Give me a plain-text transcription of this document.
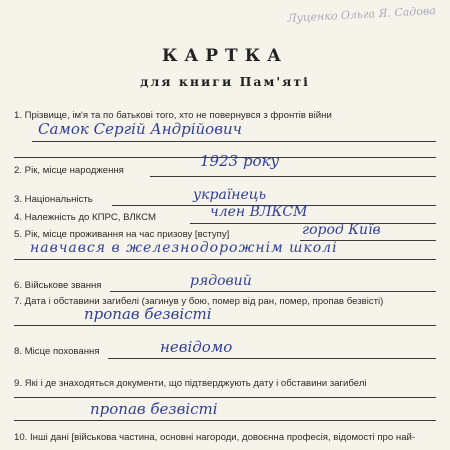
Луценко Ольга Я. Садова
КАРТКА
для книги Пам'яті
1. Прізвище, ім'я та по батькові того, хто не повернувся з фронтів війни
Самок Сергій Андрійович
2. Рік, місце народження
1923 року
3. Національність	українець
4. Належність до КПРС, ВЛКСМ	член ВЛКСМ
5. Рік, місце проживання на час призову [вступу]	город Київ
навчався в железнодорожнім школі
6. Військове звання	рядовий
7. Дата і обставини загибелі (загинув у бою, помер від ран, помер, пропав безвісті)
пропав безвісті
8. Місце поховання	невідомо
9. Які і де знаходяться документи, що підтверджують дату і обставини загибелі
пропав безвісті
10. Інші дані [військова частина, основні нагороди, довоєнна професія, відомості про най-
